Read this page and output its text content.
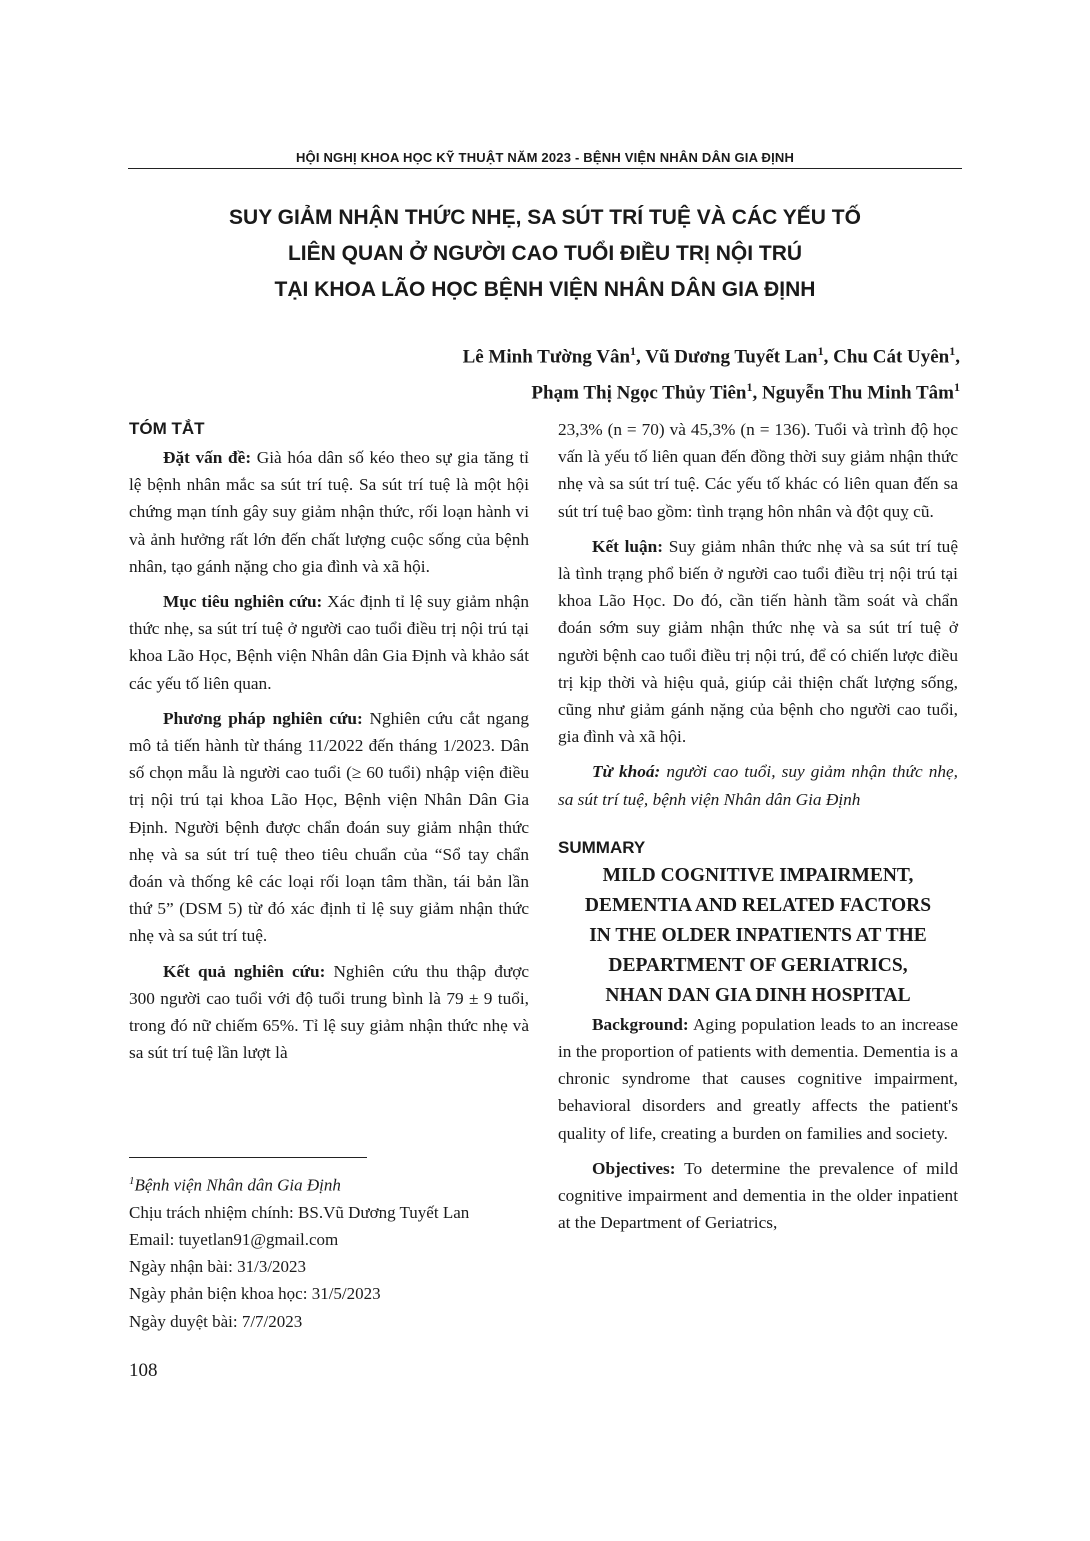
HỘI NGHỊ KHOA HỌC KỸ THUẬT NĂM 2023 - BỆNH VIỆN NHÂN DÂN GIA ĐỊNH
SUY GIẢM NHẬN THỨC NHẸ, SA SÚT TRÍ TUỆ VÀ CÁC YẾU TỐ
LIÊN QUAN Ở NGƯỜI CAO TUỔI ĐIỀU TRỊ NỘI TRÚ
TẠI KHOA LÃO HỌC BỆNH VIỆN NHÂN DÂN GIA ĐỊNH
Lê Minh Tường Vân$^1$, Vũ Dương Tuyết Lan$^1$, Chu Cát Uyên$^1$,
Phạm Thị Ngọc Thủy Tiên$^1$, Nguyễn Thu Minh Tâm$^1$
TÓM TẮT

Đặt vấn đề: Già hóa dân số kéo theo sự gia tăng tỉ lệ bệnh nhân mắc sa sút trí tuệ. Sa sút trí tuệ là một hội chứng mạn tính gây suy giảm nhận thức, rối loạn hành vi và ảnh hưởng rất lớn đến chất lượng cuộc sống của bệnh nhân, tạo gánh nặng cho gia đình và xã hội.

Mục tiêu nghiên cứu: Xác định tỉ lệ suy giảm nhận thức nhẹ, sa sút trí tuệ ở người cao tuổi điều trị nội trú tại khoa Lão Học, Bệnh viện Nhân dân Gia Định và khảo sát các yếu tố liên quan.

Phương pháp nghiên cứu: Nghiên cứu cắt ngang mô tả tiến hành từ tháng 11/2022 đến tháng 1/2023. Dân số chọn mẫu là người cao tuổi (≥ 60 tuổi) nhập viện điều trị nội trú tại khoa Lão Học, Bệnh viện Nhân Dân Gia Định. Người bệnh được chẩn đoán suy giảm nhận thức nhẹ và sa sút trí tuệ theo tiêu chuẩn của “Sổ tay chẩn đoán và thống kê các loại rối loạn tâm thần, tái bản lần thứ 5” (DSM 5) từ đó xác định tỉ lệ suy giảm nhận thức nhẹ và sa sút trí tuệ.

Kết quả nghiên cứu: Nghiên cứu thu thập được 300 người cao tuổi với độ tuổi trung bình là 79 ± 9 tuổi, trong đó nữ chiếm 65%. Tỉ lệ suy giảm nhận thức nhẹ và sa sút trí tuệ lần lượt là

23,3% (n = 70) và 45,3% (n = 136). Tuổi và trình độ học vấn là yếu tố liên quan đến đồng thời suy giảm nhận thức nhẹ và sa sút trí tuệ. Các yếu tố khác có liên quan đến sa sút trí tuệ bao gồm: tình trạng hôn nhân và đột quỵ cũ.

Kết luận: Suy giảm nhân thức nhẹ và sa sút trí tuệ là tình trạng phổ biến ở người cao tuổi điều trị nội trú tại khoa Lão Học. Do đó, cần tiến hành tầm soát và chẩn đoán sớm suy giảm nhận thức nhẹ và sa sút trí tuệ ở người bệnh cao tuổi điều trị nội trú, để có chiến lược điều trị kịp thời và hiệu quả, giúp cải thiện chất lượng sống, cũng như giảm gánh nặng của bệnh cho người cao tuổi, gia đình và xã hội.

Từ khoá: người cao tuổi, suy giảm nhận thức nhẹ, sa sút trí tuệ, bệnh viện Nhân dân Gia Định

SUMMARY
MILD COGNITIVE IMPAIRMENT,
DEMENTIA AND RELATED FACTORS
IN THE OLDER INPATIENTS AT THE
DEPARTMENT OF GERIATRICS,
NHAN DAN GIA DINH HOSPITAL

Background: Aging population leads to an increase in the proportion of patients with dementia. Dementia is a chronic syndrome that causes cognitive impairment, behavioral disorders and greatly affects the patient's quality of life, creating a burden on families and society.

Objectives: To determine the prevalence of mild cognitive impairment and dementia in the older inpatient at the Department of Geriatrics,

$^1$Bệnh viện Nhân dân Gia Định
Chịu trách nhiệm chính: BS.Vũ Dương Tuyết Lan
Email: tuyetlan91@gmail.com
Ngày nhận bài: 31/3/2023
Ngày phản biện khoa học: 31/5/2023
Ngày duyệt bài: 7/7/2023
108
